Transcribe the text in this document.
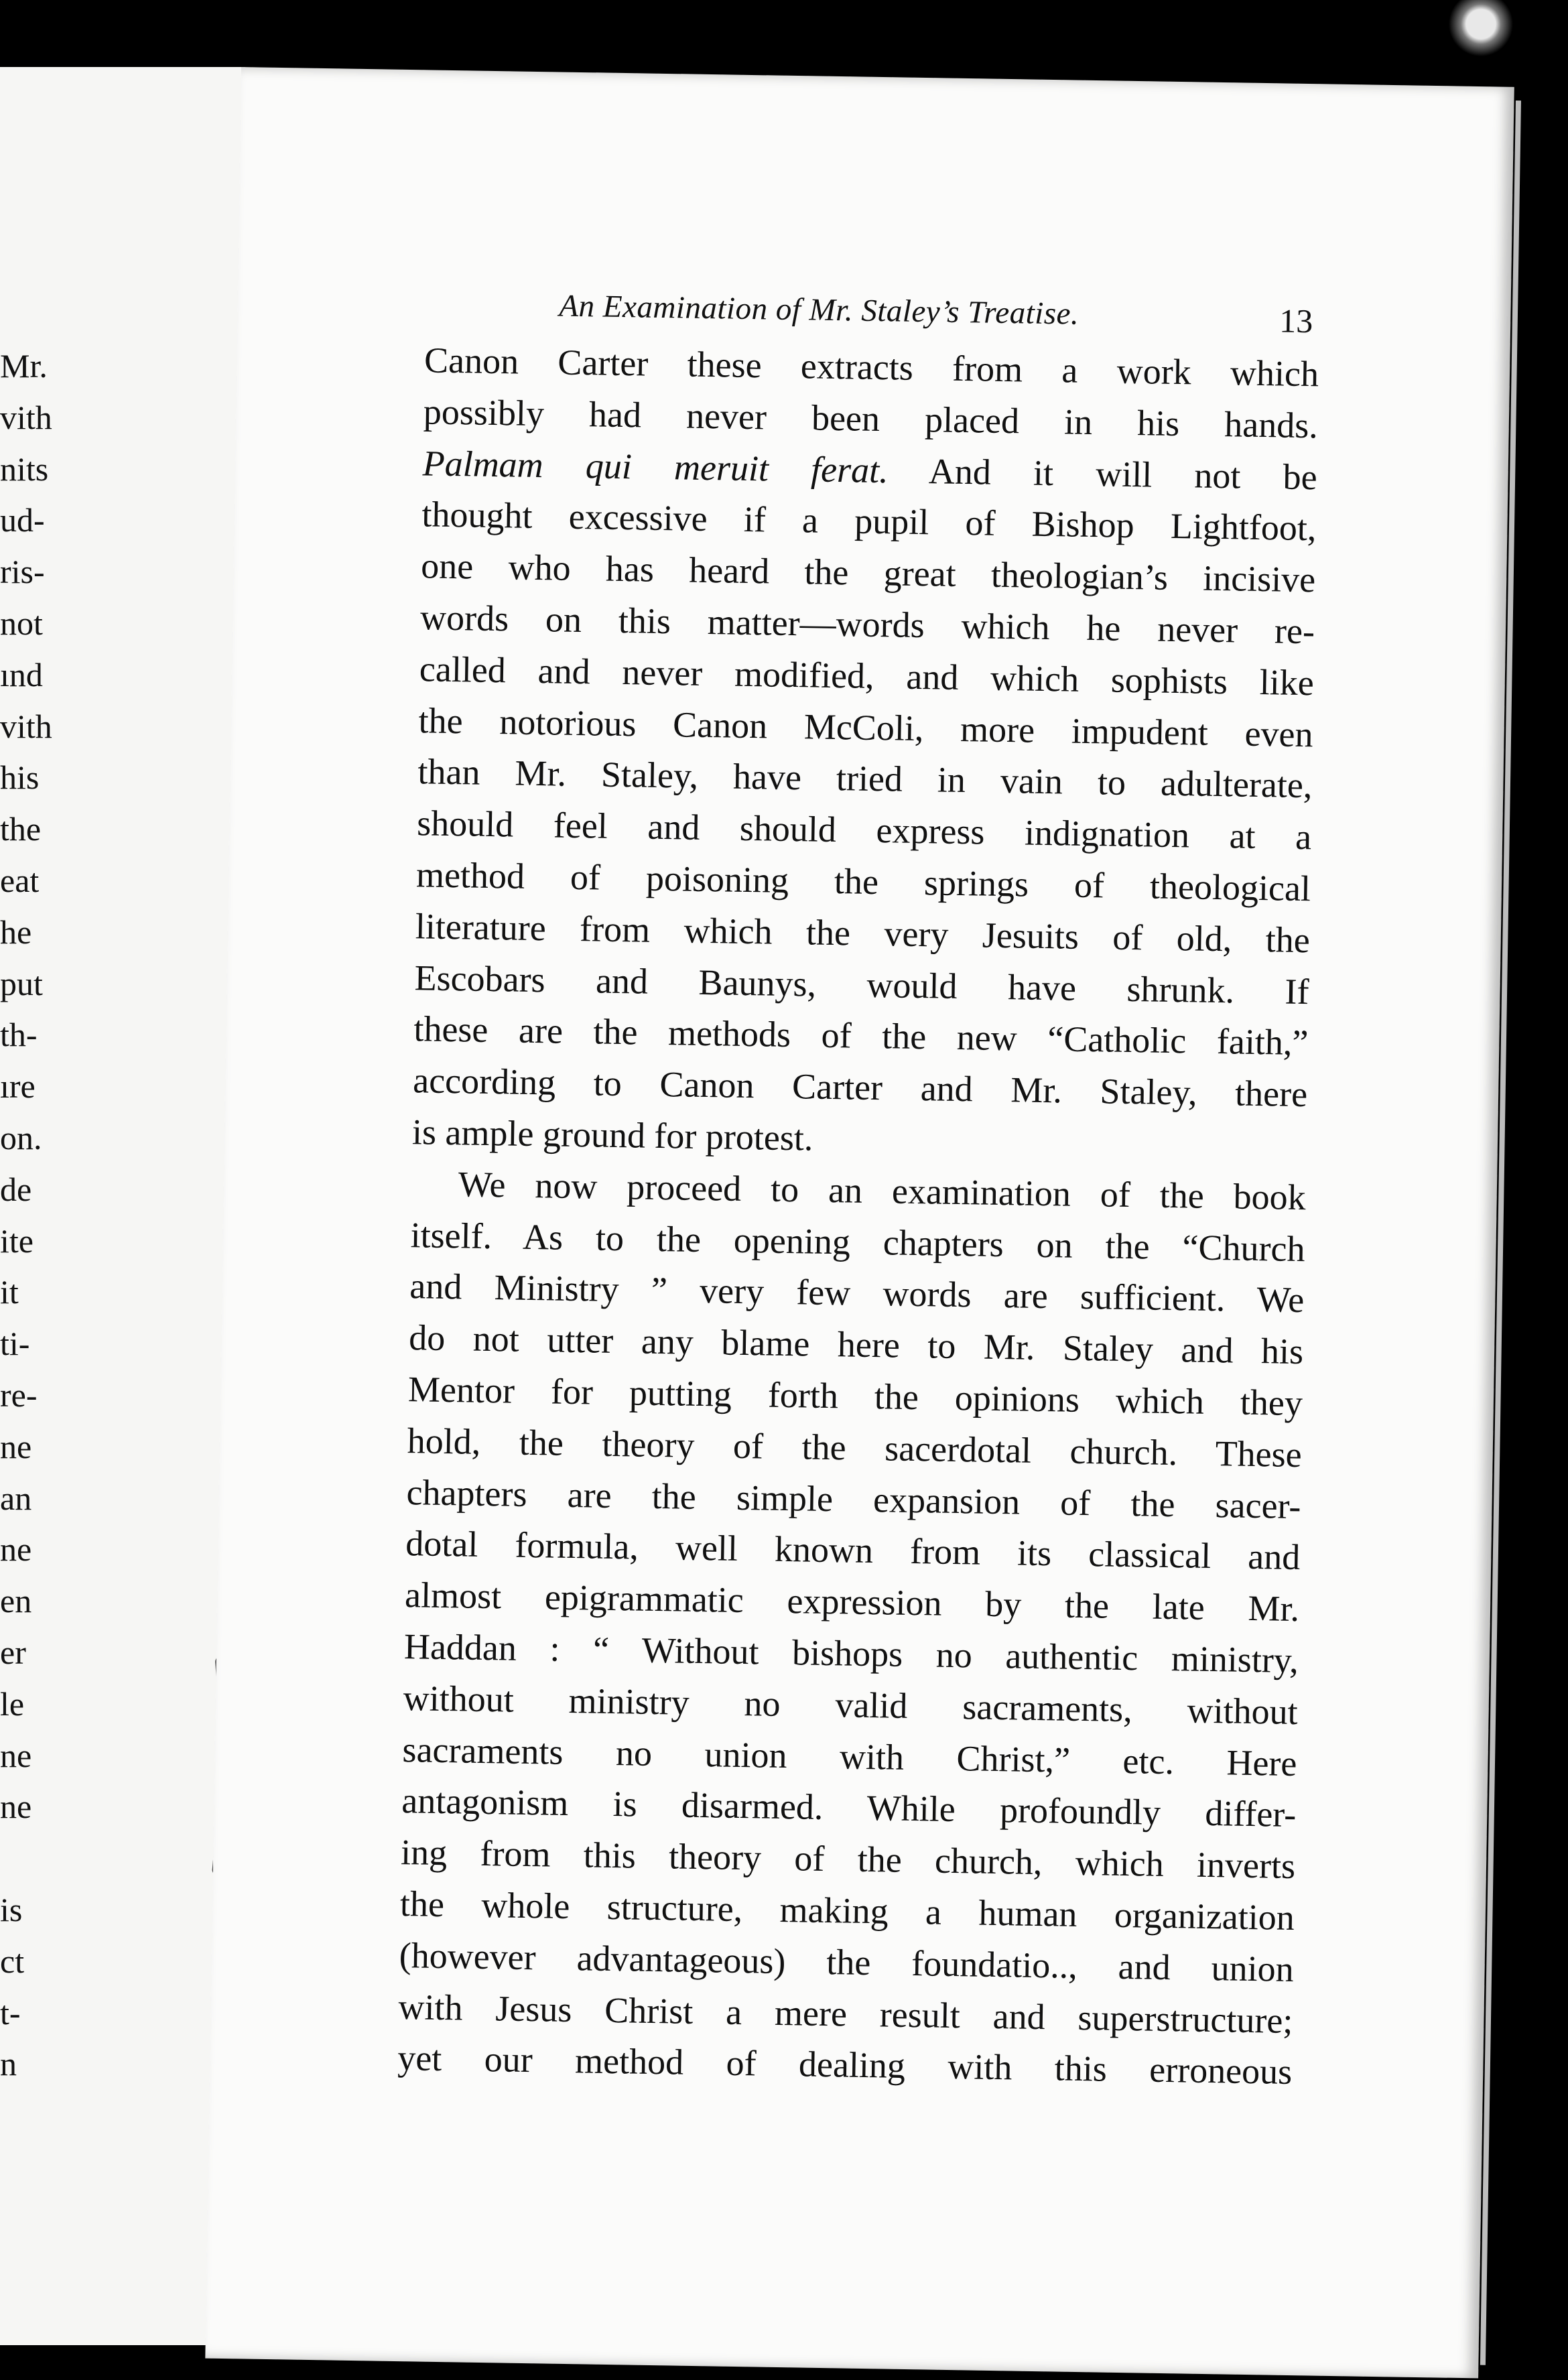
Mr.
vith
nits
ud-
ris-
not
ınd
vith
his
the
eat
he
put
th-
ıre
on.
de
ite
it
ti-
re-
ne
an
ne
en
er
le
ne
ne
is
ct
t-
n

An Examination of Mr. Staley’s Treatise.	13

Canon Carter these extracts from a work which
possibly had never been placed in his hands.
Palmam qui meruit ferat. And it will not be
thought excessive if a pupil of Bishop Lightfoot,
one who has heard the great theologian’s incisive
words on this matter—words which he never re-
called and never modified, and which sophists like
the notorious Canon McColi, more impudent even
than Mr. Staley, have tried in vain to adulterate,
should feel and should express indignation at a
method of poisoning the springs of theological
literature from which the very Jesuits of old, the
Escobars and Baunys, would have shrunk. If
these are the methods of the new “Catholic faith,”
according to Canon Carter and Mr. Staley, there
is ample ground for protest.
We now proceed to an examination of the book
itself. As to the opening chapters on the “Church
and Ministry ” very few words are sufficient. We
do not utter any blame here to Mr. Staley and his
Mentor for putting forth the opinions which they
hold, the theory of the sacerdotal church. These
chapters are the simple expansion of the sacer-
dotal formula, well known from its classical and
almost epigrammatic expression by the late Mr.
Haddan : “ Without bishops no authentic ministry,
without ministry no valid sacraments, without
sacraments no union with Christ,” etc. Here
antagonism is disarmed. While profoundly differ-
ing from this theory of the church, which inverts
the whole structure, making a human organization
(however advantageous) the foundatio.., and union
with Jesus Christ a mere result and superstructure;
yet our method of dealing with this erroneous
